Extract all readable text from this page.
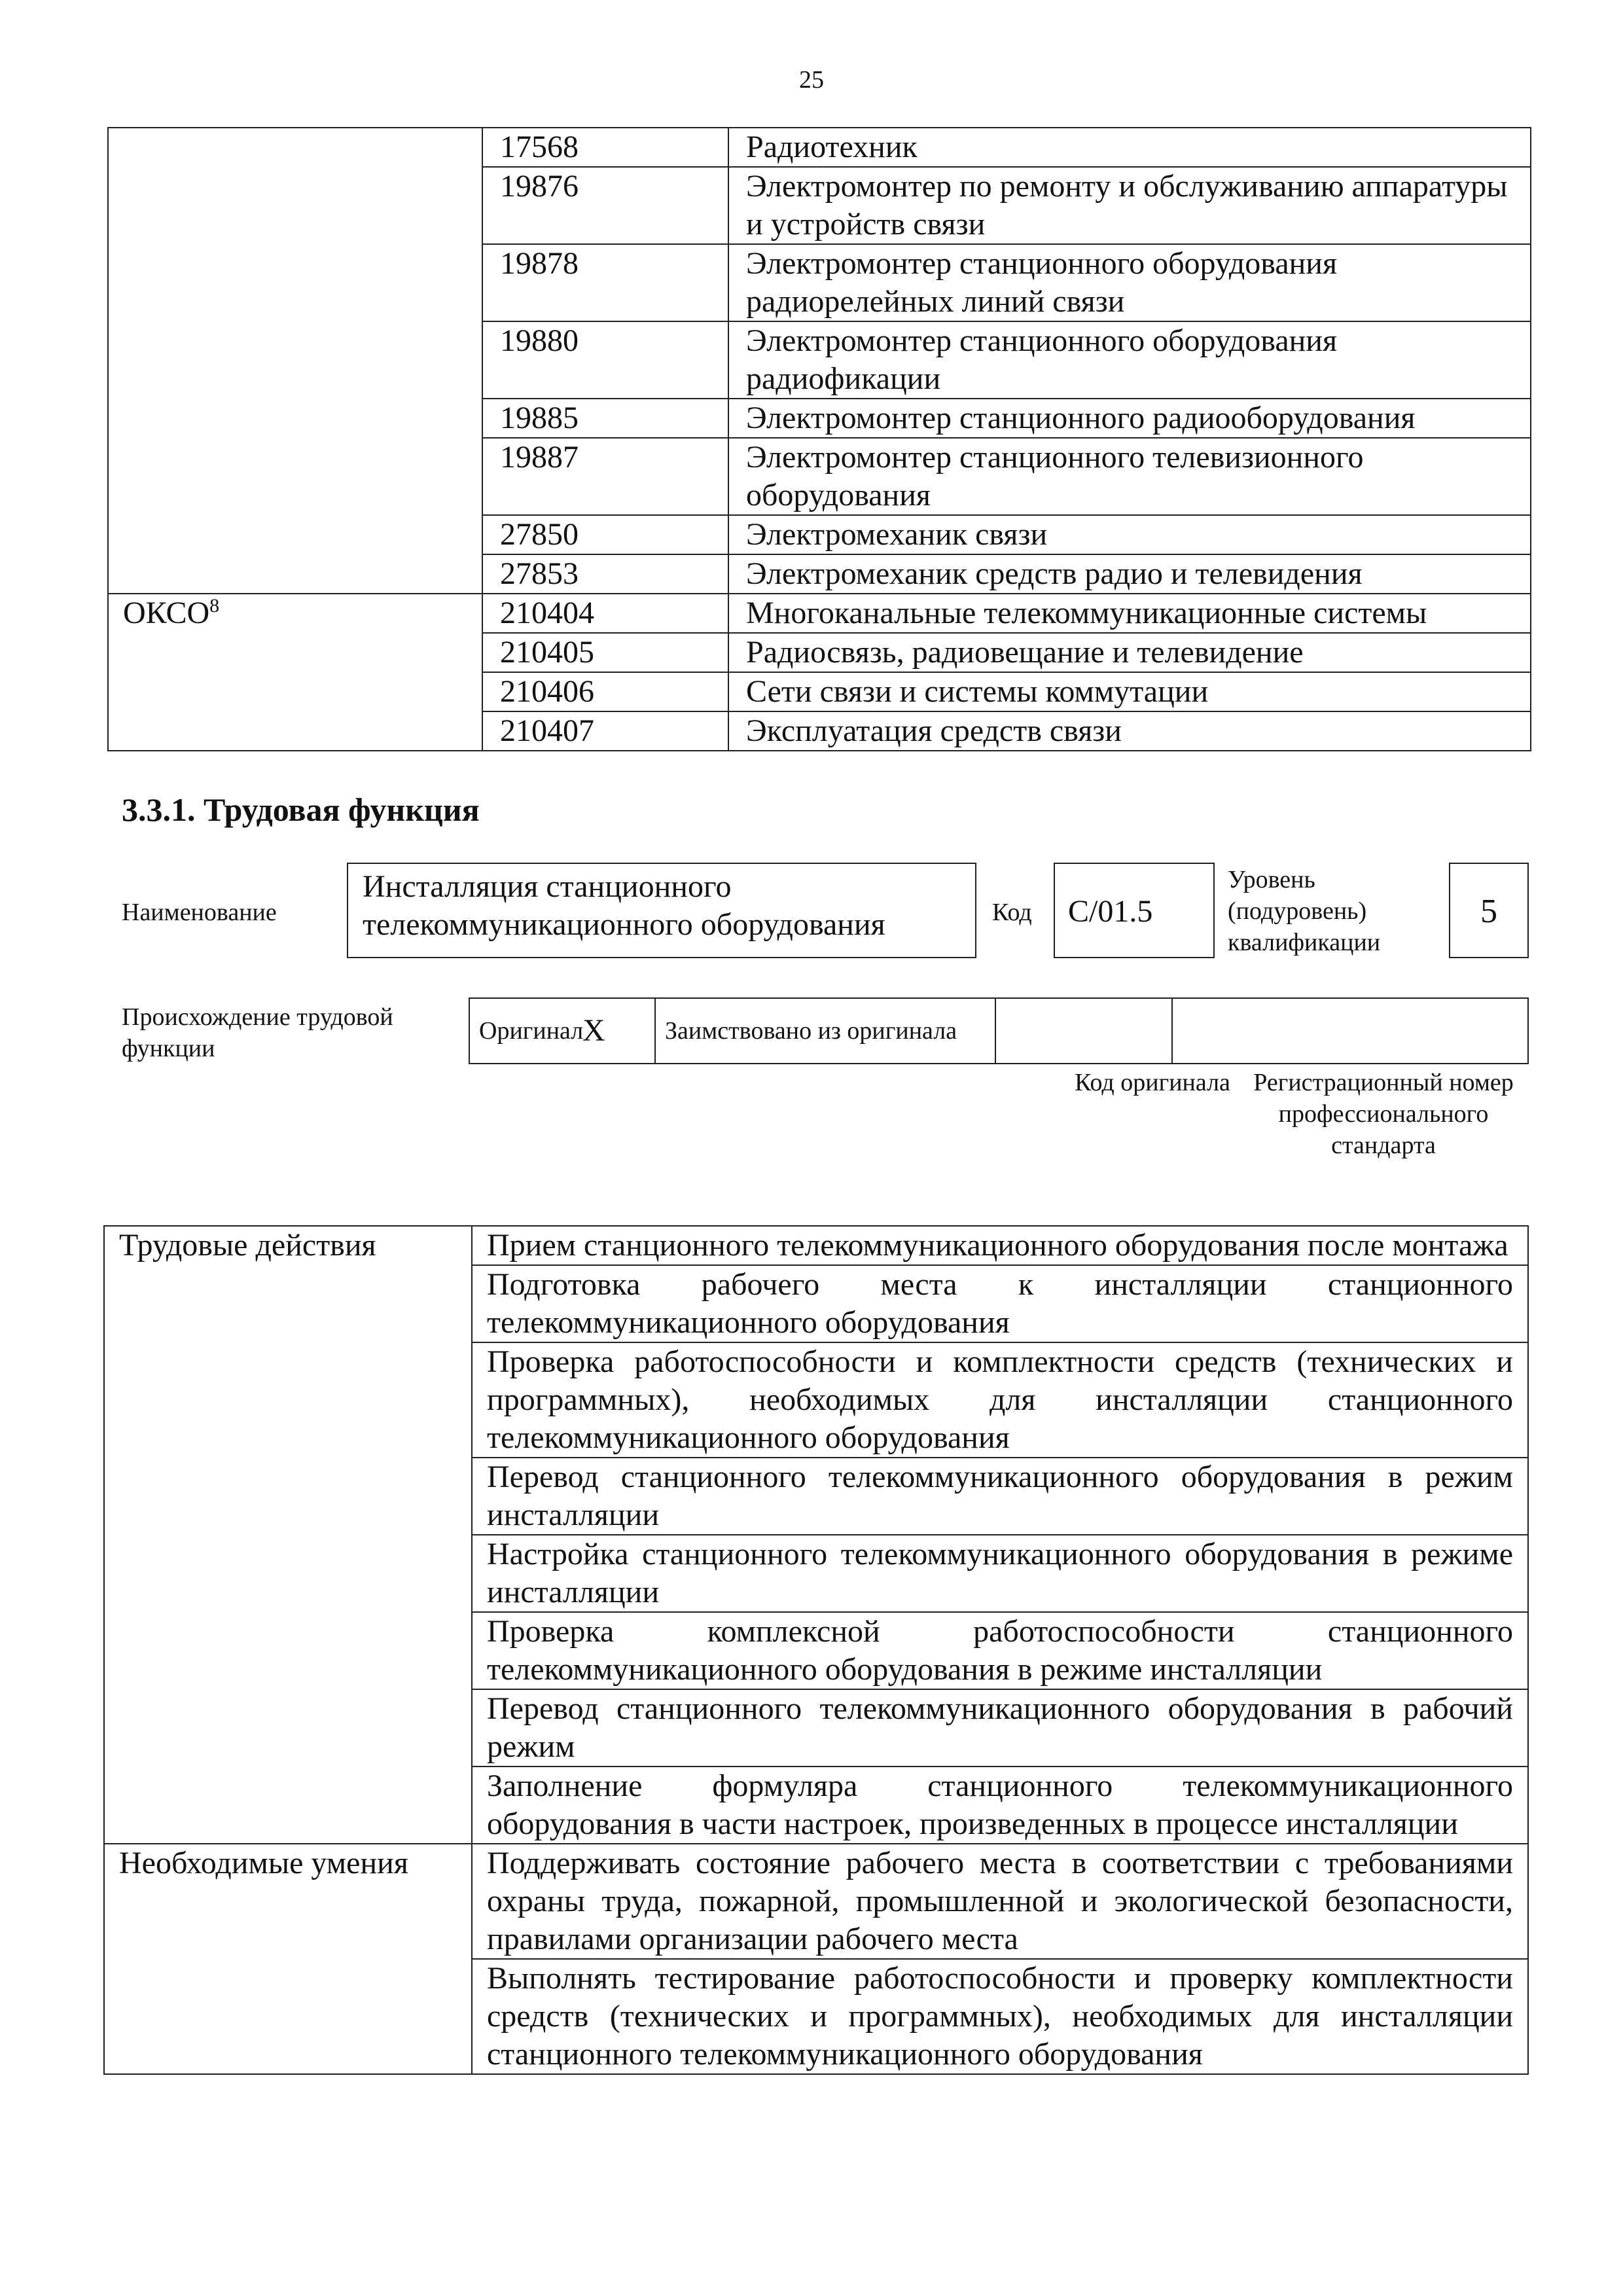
25
	17568	Радиотехник
	19876	Электромонтер по ремонту и обслуживанию аппаратуры и устройств связи
	19878	Электромонтер станционного оборудования радиорелейных линий связи
	19880	Электромонтер станционного оборудования радиофикации
	19885	Электромонтер станционного радиооборудования
	19887	Электромонтер станционного телевизионного оборудования
	27850	Электромеханик связи
	27853	Электромеханик средств радио и телевидения
ОКСО$^8$	210404	Многоканальные телекоммуникационные системы
	210405	Радиосвязь, радиовещание и телевидение
	210406	Сети связи и системы коммутации
	210407	Эксплуатация средств связи
3.3.1. Трудовая функция
Наименование
Инсталляция станционного телекоммуникационного оборудования	Код	C/01.5
Уровень (подуровень) квалификации
5
Происхождение трудовой функции
Оригинал	X	Заимствовано из оригинала		
Код оригинала Регистрационный номер профессионального стандарта
Трудовые действия	Прием станционного телекоммуникационного оборудования после монтажа
	Подготовка рабочего места к инсталляции станционного телекоммуникационного оборудования
	Проверка работоспособности и комплектности средств (технических и программных), необходимых для инсталляции станционного телекоммуникационного оборудования
	Перевод станционного телекоммуникационного оборудования в режим инсталляции
	Настройка станционного телекоммуникационного оборудования в режиме инсталляции
	Проверка комплексной работоспособности станционного телекоммуникационного оборудования в режиме инсталляции
	Перевод станционного телекоммуникационного оборудования в рабочий режим
	Заполнение формуляра станционного телекоммуникационного оборудования в части настроек, произведенных в процессе инсталляции
Необходимые умения	Поддерживать состояние рабочего места в соответствии с требованиями охраны труда, пожарной, промышленной и экологической безопасности, правилами организации рабочего места
	Выполнять тестирование работоспособности и проверку комплектности средств (технических и программных), необходимых для инсталляции станционного телекоммуникационного оборудования
